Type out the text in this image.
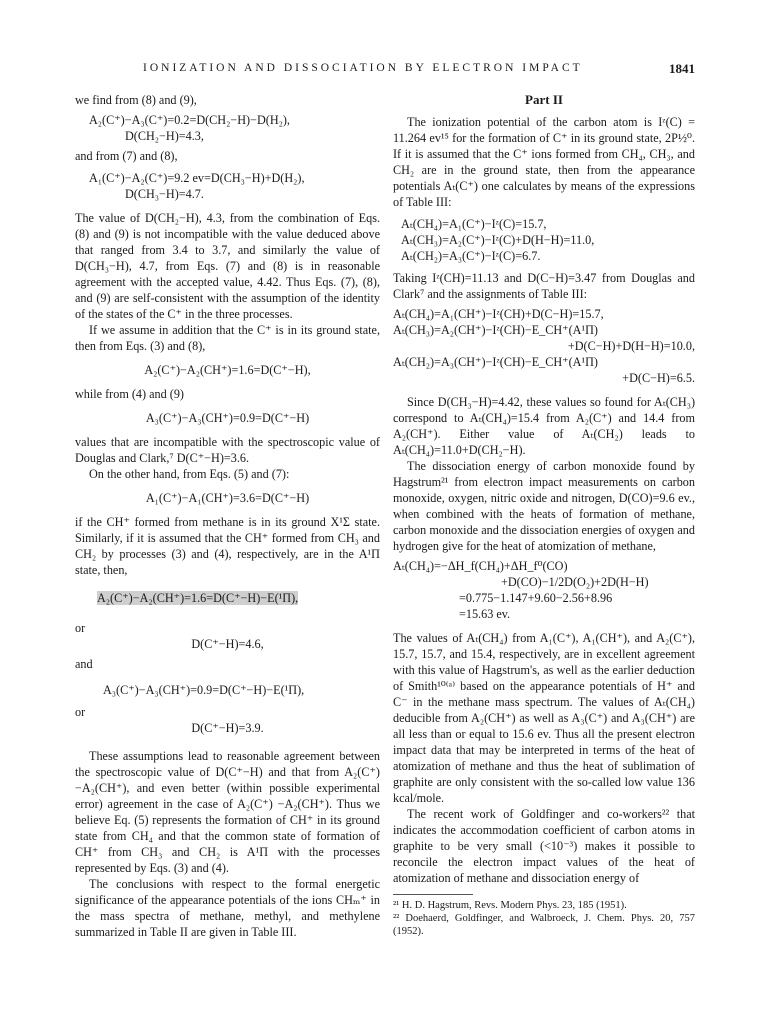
IONIZATION AND DISSOCIATION BY ELECTRON IMPACT	1841

we find from (8) and (9),

A₂(C⁺)−A₃(C⁺)=0.2=D(CH₂−H)−D(H₂),

D(CH₂−H)=4.3,

and from (7) and (8),

A₁(C⁺)−A₂(C⁺)=9.2 ev=D(CH₃−H)+D(H₂),

D(CH₃−H)=4.7.

The value of D(CH₂−H), 4.3, from the combination of Eqs. (8) and (9) is not incompatible with the value deduced above that ranged from 3.4 to 3.7, and similarly the value of D(CH₃−H), 4.7, from Eqs. (7) and (8) is in reasonable agreement with the accepted value, 4.42. Thus Eqs. (7), (8), and (9) are self-consistent with the assumption of the identity of the states of the C⁺ in the three processes.

If we assume in addition that the C⁺ is in its ground state, then from Eqs. (3) and (8),

A₂(C⁺)−A₂(CH⁺)=1.6=D(C⁺−H),

while from (4) and (9)

A₃(C⁺)−A₃(CH⁺)=0.9=D(C⁺−H)

values that are incompatible with the spectroscopic value of Douglas and Clark,⁷ D(C⁺−H)=3.6.

On the other hand, from Eqs. (5) and (7):

A₁(C⁺)−A₁(CH⁺)=3.6=D(C⁺−H)

if the CH⁺ formed from methane is in its ground X¹Σ state. Similarly, if it is assumed that the CH⁺ formed from CH₃ and CH₂ by processes (3) and (4), respectively, are in the A¹Π state, then,

A₂(C⁺)−A₂(CH⁺)=1.6=D(C⁺−H)−E(¹Π),

or

D(C⁺−H)=4.6,

and

A₃(C⁺)−A₃(CH⁺)=0.9=D(C⁺−H)−E(¹Π),

or

D(C⁺−H)=3.9.

These assumptions lead to reasonable agreement between the spectroscopic value of D(C⁺−H) and that from A₂(C⁺)−A₂(CH⁺), and even better (within possible experimental error) agreement in the case of A₂(C⁺) −A₂(CH⁺). Thus we believe Eq. (5) represents the formation of CH⁺ in its ground state from CH₄ and that the common state of formation of CH⁺ from CH₃ and CH₂ is A¹Π with the processes represented by Eqs. (3) and (4).

The conclusions with respect to the formal energetic significance of the appearance potentials of the ions CHₘ⁺ in the mass spectra of methane, methyl, and methylene summarized in Table II are given in Table III.

Part II

The ionization potential of the carbon atom is Iᶻ(C) = 11.264 ev¹⁵ for the formation of C⁺ in its ground state, 2P½⁰. If it is assumed that the C⁺ ions formed from CH₄, CH₃, and CH₂ are in the ground state, then from the appearance potentials Aₜ(C⁺) one calculates by means of the expressions of Table III:

Aₜ(CH₄)=A₁(C⁺)−Iᶻ(C)=15.7,

Aₜ(CH₃)=A₂(C⁺)−Iᶻ(C)+D(H−H)=11.0,

Aₜ(CH₂)=A₃(C⁺)−Iᶻ(C)=6.7.

Taking Iᶻ(CH)=11.13 and D(C−H)=3.47 from Douglas and Clark⁷ and the assignments of Table III:

Aₜ(CH₄)=A₁(CH⁺)−Iᶻ(CH)+D(C−H)=15.7,

Aₜ(CH₃)=A₂(CH⁺)−Iᶻ(CH)−E_CH⁺(A¹Π)

+D(C−H)+D(H−H)=10.0,

Aₜ(CH₂)=A₃(CH⁺)−Iᶻ(CH)−E_CH⁺(A¹Π)

+D(C−H)=6.5.

Since D(CH₃−H)=4.42, these values so found for Aₜ(CH₃) correspond to Aₜ(CH₄)=15.4 from A₂(C⁺) and 14.4 from A₂(CH⁺). Either value of Aₜ(CH₂) leads to Aₜ(CH₄)=11.0+D(CH₂−H).

The dissociation energy of carbon monoxide found by Hagstrum²¹ from electron impact measurements on carbon monoxide, oxygen, nitric oxide and nitrogen, D(CO)=9.6 ev., when combined with the heats of formation of methane, carbon monoxide and the dissociation energies of oxygen and hydrogen give for the heat of atomization of methane,

Aₜ(CH₄)=−ΔH_f(CH₄)+ΔH_f⁰(CO)

+D(CO)−1/2D(O₂)+2D(H−H)

=0.775−1.147+9.60−2.56+8.96

=15.63 ev.

The values of Aₜ(CH₄) from A₁(C⁺), A₁(CH⁺), and A₂(C⁺), 15.7, 15.7, and 15.4, respectively, are in excellent agreement with this value of Hagstrum's, as well as the earlier deduction of Smith¹⁰⁽ᵃ⁾ based on the appearance potentials of H⁺ and C⁻ in the methane mass spectrum. The values of Aₜ(CH₄) deducible from A₂(CH⁺) as well as A₃(C⁺) and A₃(CH⁺) are all less than or equal to 15.6 ev. Thus all the present electron impact data that may be interpreted in terms of the heat of atomization of methane and thus the heat of sublimation of graphite are only consistent with the so-called low value 136 kcal/mole.

The recent work of Goldfinger and co-workers²² that indicates the accommodation coefficient of carbon atoms in graphite to be very small (<10⁻³) makes it possible to reconcile the electron impact values of the heat of atomization of methane and dissociation energy of

²¹ H. D. Hagstrum, Revs. Modern Phys. 23, 185 (1951).

²² Doehaerd, Goldfinger, and Walbroeck, J. Chem. Phys. 20, 757 (1952).
